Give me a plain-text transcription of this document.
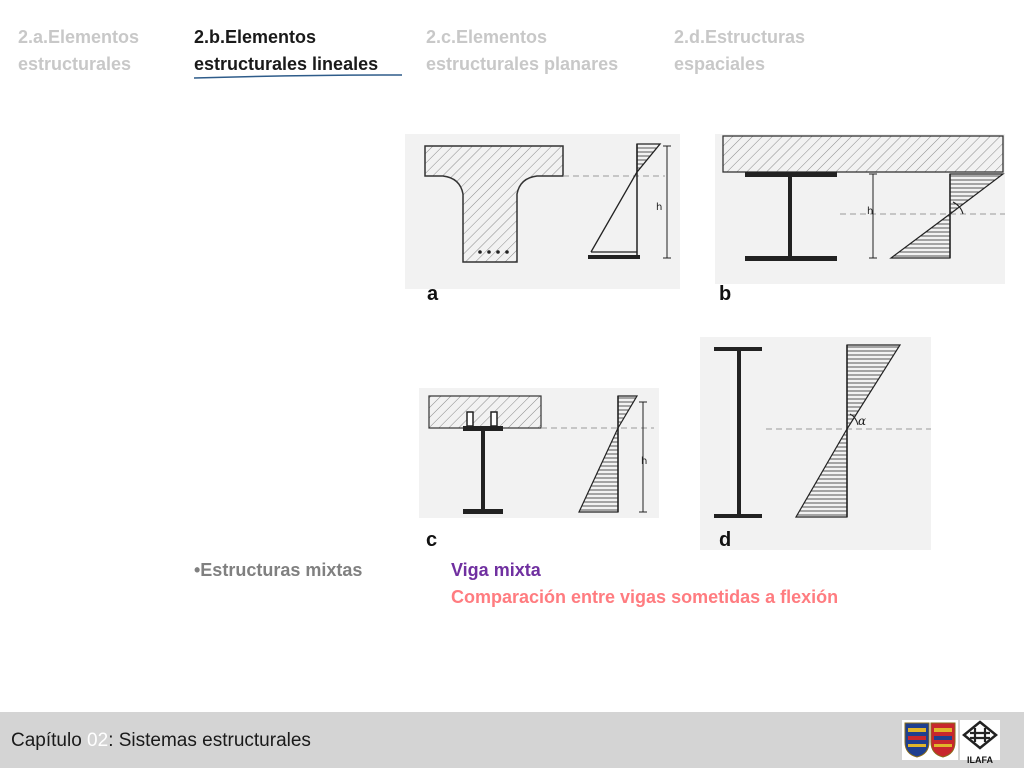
2.a.Elementos
estructurales
2.b.Elementos
estructurales lineales
2.c.Elementos
estructurales planares
2.d.Estructuras
espaciales
h
a
h
b
h
c
α
d
•Estructuras mixtas	Viga mixta
Comparación entre vigas sometidas a flexión
Capítulo 02: Sistemas estructurales
ILAFA
